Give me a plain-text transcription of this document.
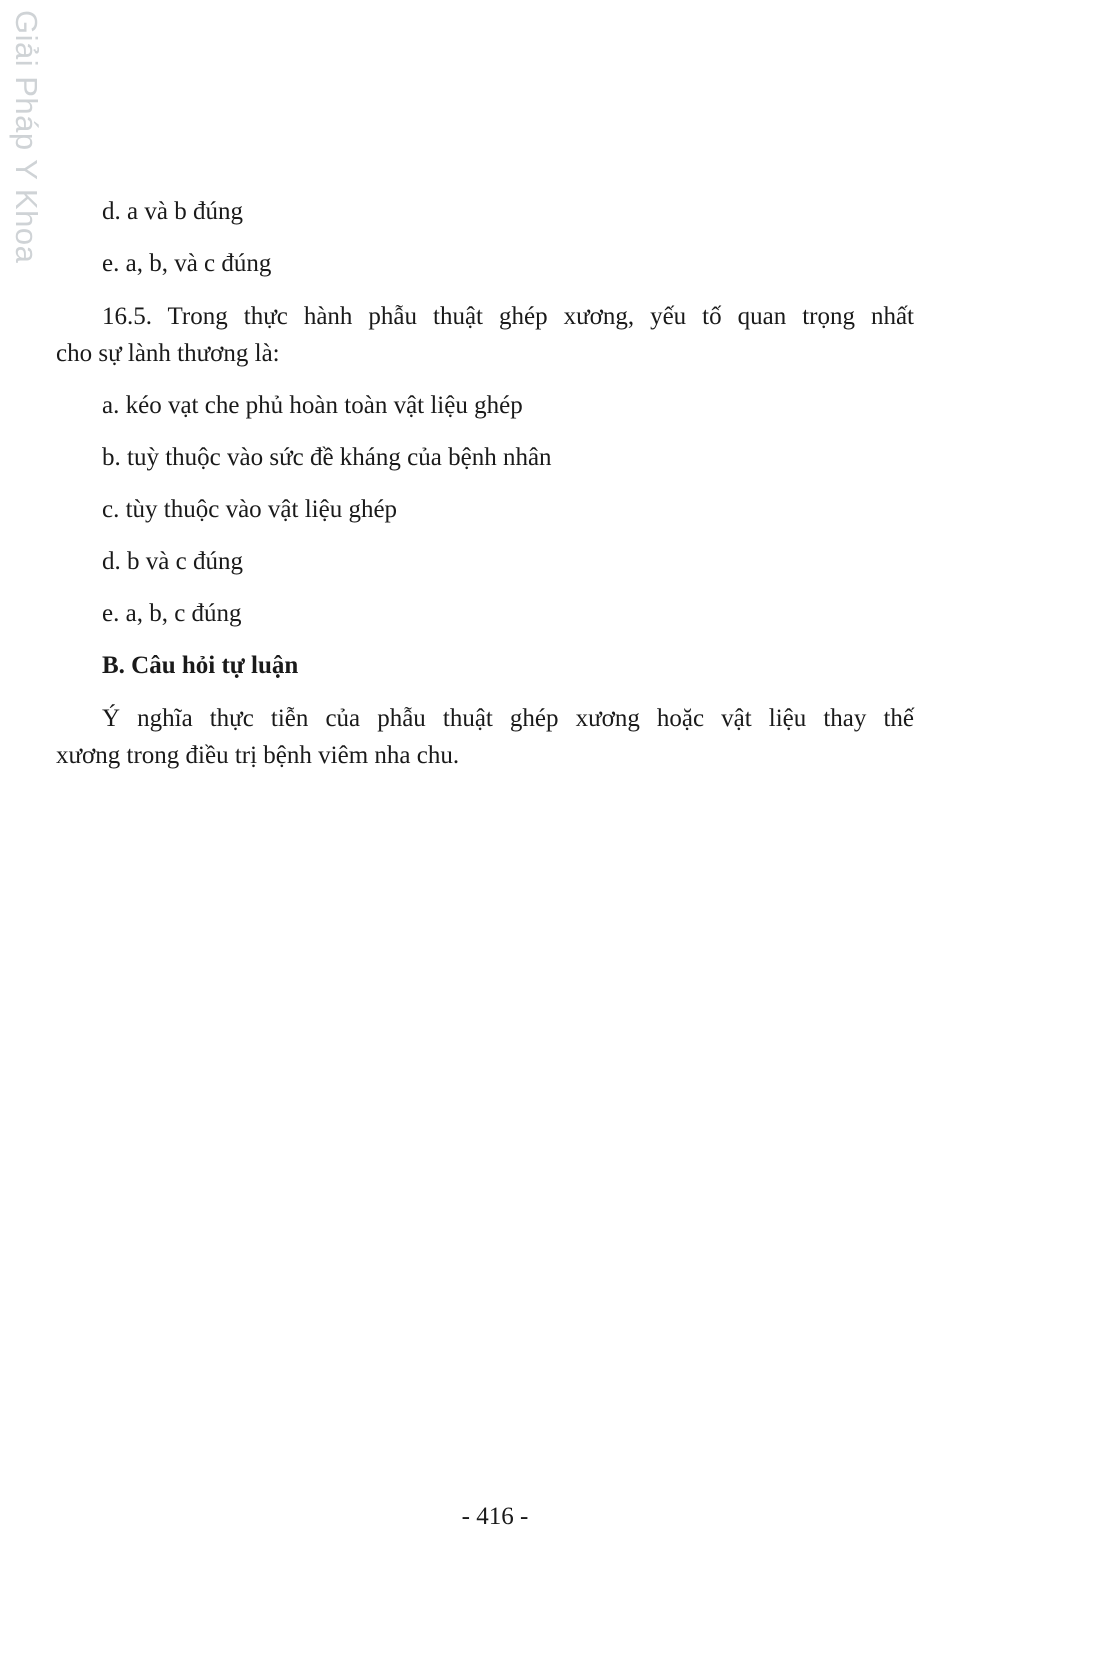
Giải Pháp Y Khoa d. a và b đúng
e. a, b, và c đúng
16.5. Trong thực hành phẫu thuật ghép xương, yếu tố quan trọng nhất
cho sự lành thương là:
a. kéo vạt che phủ hoàn toàn vật liệu ghép
b. tuỳ thuộc vào sức đề kháng của bệnh nhân
c. tùy thuộc vào vật liệu ghép
d. b và c đúng
e. a, b, c đúng
B. Câu hỏi tự luận
Ý nghĩa thực tiễn của phẫu thuật ghép xương hoặc vật liệu thay thế
xương trong điều trị bệnh viêm nha chu.
- 416 -
